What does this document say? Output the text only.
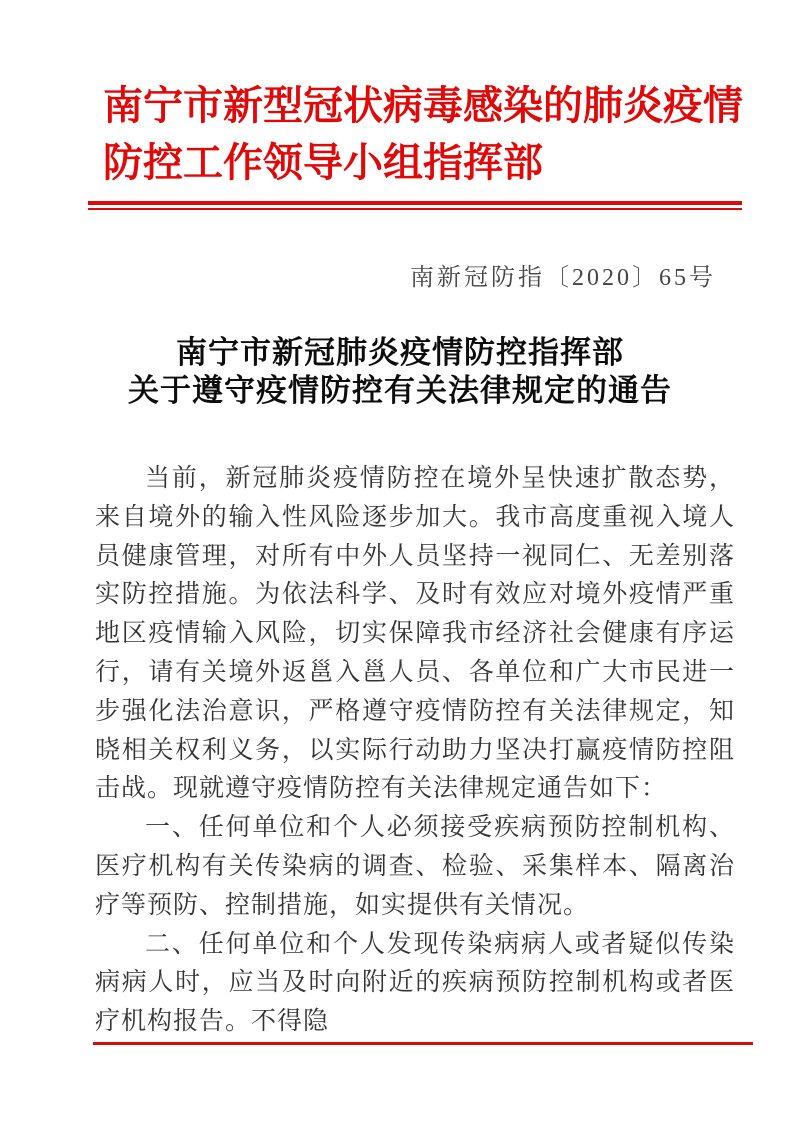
南宁市新型冠状病毒感染的肺炎疫情
防控工作领导小组指挥部
南新冠防指〔2020〕65号
南宁市新冠肺炎疫情防控指挥部
关于遵守疫情防控有关法律规定的通告

当前，新冠肺炎疫情防控在境外呈快速扩散态势，来自境外的输入性风险逐步加大。我市高度重视入境人员健康管理，对所有中外人员坚持一视同仁、无差别落实防控措施。为依法科学、及时有效应对境外疫情严重地区疫情输入风险，切实保障我市经济社会健康有序运行，请有关境外返邕入邕人员、各单位和广大市民进一步强化法治意识，严格遵守疫情防控有关法律规定，知晓相关权利义务，以实际行动助力坚决打赢疫情防控阻击战。现就遵守疫情防控有关法律规定通告如下：

一、任何单位和个人必须接受疾病预防控制机构、医疗机构有关传染病的调查、检验、采集样本、隔离治疗等预防、控制措施，如实提供有关情况。

二、任何单位和个人发现传染病病人或者疑似传染病病人时，应当及时向附近的疾病预防控制机构或者医疗机构报告。不得隐
